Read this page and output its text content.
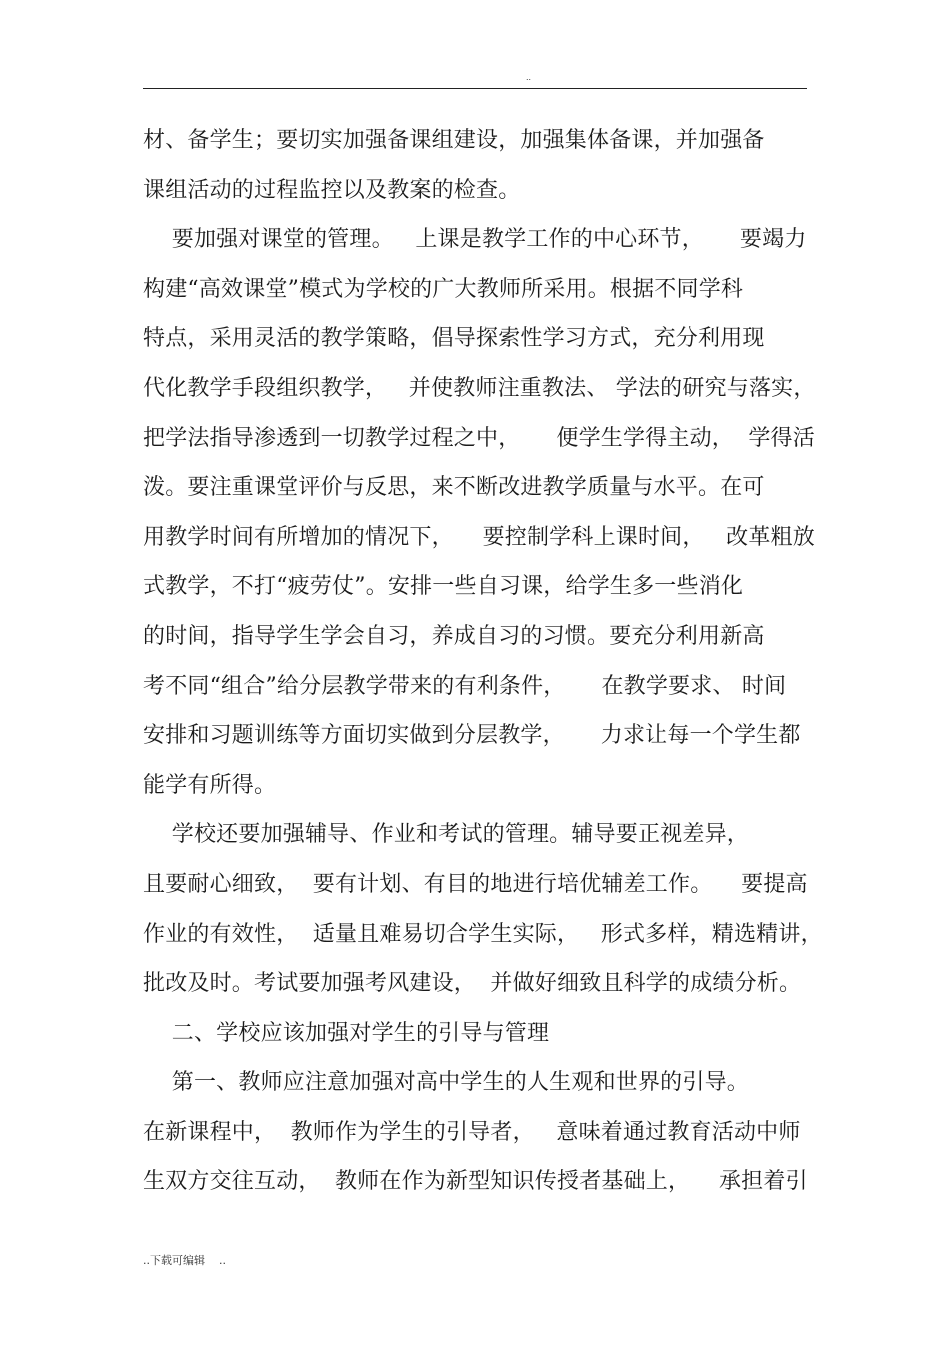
..
材、备学生；要切实加强备课组建设，加强集体备课，并加强备
课组活动的过程监控以及教案的检查。
要加强对课堂的管理。   上课是教学工作的中心环节，     要竭力
构建“高效课堂”模式为学校的广大教师所采用。根据不同学科
特点，采用灵活的教学策略，倡导探索性学习方式，充分利用现
代化教学手段组织教学，   并使教师注重教法、 学法的研究与落实，
把学法指导渗透到一切教学过程之中，     便学生学得主动，  学得活
泼。要注重课堂评价与反思，来不断改进教学质量与水平。在可
用教学时间有所增加的情况下，    要控制学科上课时间，   改革粗放
式教学，不打“疲劳仗”。安排一些自习课，给学生多一些消化
的时间，指导学生学会自习，养成自习的习惯。要充分利用新高
考不同“组合”给分层教学带来的有利条件，     在教学要求、 时间
安排和习题训练等方面切实做到分层教学，     力求让每一个学生都
能学有所得。
学校还要加强辅导、作业和考试的管理。辅导要正视差异，
且要耐心细致，  要有计划、有目的地进行培优辅差工作。    要提高
作业的有效性，  适量且难易切合学生实际，   形式多样，精选精讲，
批改及时。考试要加强考风建设，  并做好细致且科学的成绩分析。
二、学校应该加强对学生的引导与管理
第一、教师应注意加强对高中学生的人生观和世界的引导。
在新课程中，  教师作为学生的引导者，   意味着通过教育活动中师
生双方交往互动，  教师在作为新型知识传授者基础上，    承担着引
..下载可编辑    ..
